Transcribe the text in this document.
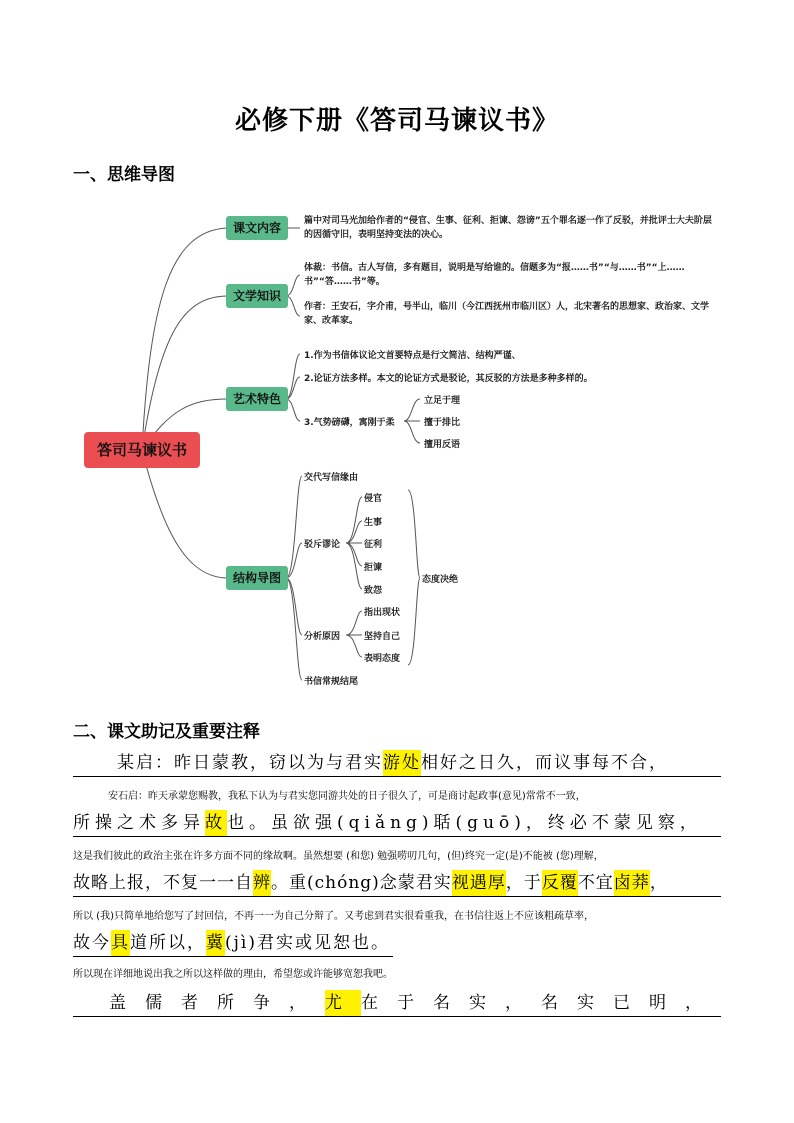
必修下册《答司马谏议书》
一、思维导图
答司马谏议书
课文内容
文学知识
艺术特色
结构导图
篇中对司马光加给作者的“侵官、生事、征利、拒谏、怨谤”五个罪名逐一作了反驳，并批评士大夫阶层的因循守旧，表明坚持变法的决心。
体裁：书信。古人写信，多有题目，说明是写给谁的。信题多为“报……书”“与……书”“上……书”“答……书”等。
作者：王安石，字介甫，号半山，临川（今江西抚州市临川区）人，北宋著名的思想家、政治家、文学家、改革家。
1.作为书信体议论文首要特点是行文简洁、结构严谨、
2.论证方法多样。本文的论证方式是驳论，其反驳的方法是多种多样的。
3.气势磅礴，寓刚于柔
立足于理
擅于排比
擅用反语
交代写信缘由
驳斥谬论
侵官
生事
征利
拒谏
致怨
态度决绝
分析原因
指出现状
坚持自己
表明态度
书信常规结尾
二、课文助记及重要注释
某启：昨日蒙教，窃以为与君实游处相好之日久，而议事每不合，
安石启：昨天承蒙您赐教，我私下认为与君实您同游共处的日子很久了，可是商讨起政事(意见)常常不一致，
所操之术多异故也。虽欲强(qiǎng)聒(guō)，终必不蒙见察，
这是我们彼此的政治主张在许多方面不同的缘故啊。虽然想要 (和您) 勉强唠叨几句，(但)终究一定(是)不能被 (您)理解，
故略上报，不复一一自辨。重(chóng)念蒙君实视遇厚，于反覆不宜卤莽，
所以 (我)只简单地给您写了封回信，不再一一为自己分辩了。又考虑到君实很看重我，在书信往返上不应该粗疏草率，
故今具道所以，冀(jì)君实或见恕也。
所以现在详细地说出我之所以这样做的理由，希望您或许能够宽恕我吧。
盖儒者所争，尤在于名实，名实已明，
